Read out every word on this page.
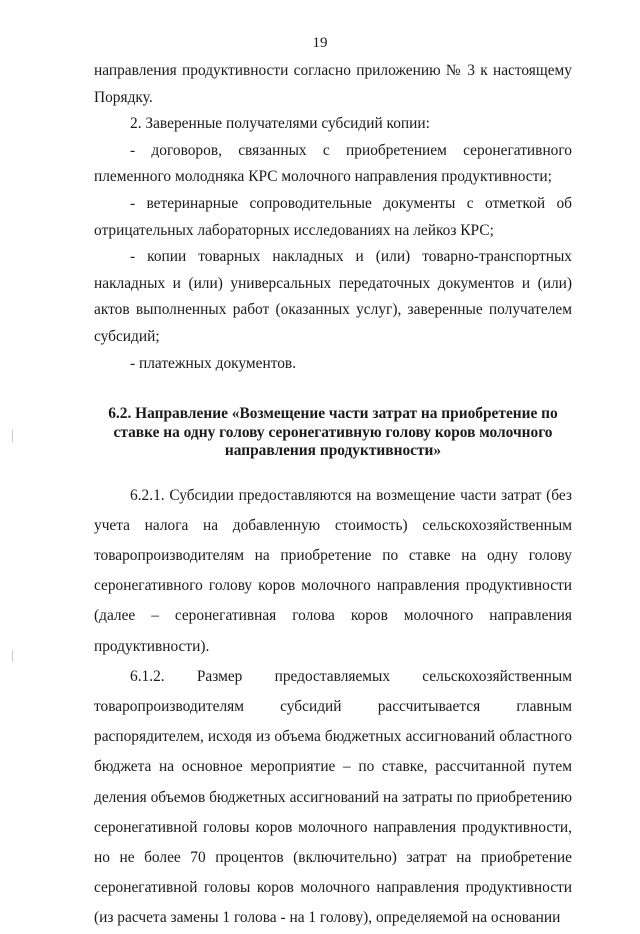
19

направления продуктивности согласно приложению № 3 к настоящему Порядку.

2. Заверенные получателями субсидий копии:

- договоров, связанных с приобретением серонегативного племенного молодняка КРС молочного направления продуктивности;

- ветеринарные сопроводительные документы с отметкой об отрицательных лабораторных исследованиях на лейкоз КРС;

- копии товарных накладных и (или) товарно-транспортных накладных и (или) универсальных передаточных документов и (или) актов выполненных работ (оказанных услуг), заверенные получателем субсидий;

- платежных документов.

6.2. Направление «Возмещение части затрат на приобретение по ставке на одну голову серонегативную голову коров молочного направления продуктивности»

6.2.1. Субсидии предоставляются на возмещение части затрат (без учета налога на добавленную стоимость) сельскохозяйственным товаропроизводителям на приобретение по ставке на одну голову серонегативного голову коров молочного направления продуктивности (далее – серонегативная голова коров молочного направления продуктивности).

6.1.2. Размер предоставляемых сельскохозяйственным товаропроизводителям субсидий рассчитывается главным распорядителем, исходя из объема бюджетных ассигнований областного бюджета на основное мероприятие – по ставке, рассчитанной путем деления объемов бюджетных ассигнований на затраты по приобретению серонегативной головы коров молочного направления продуктивности, но не более 70 процентов (включительно) затрат на приобретение серонегативной головы коров молочного направления продуктивности (из расчета замены 1 голова - на 1 голову), определяемой на основании
